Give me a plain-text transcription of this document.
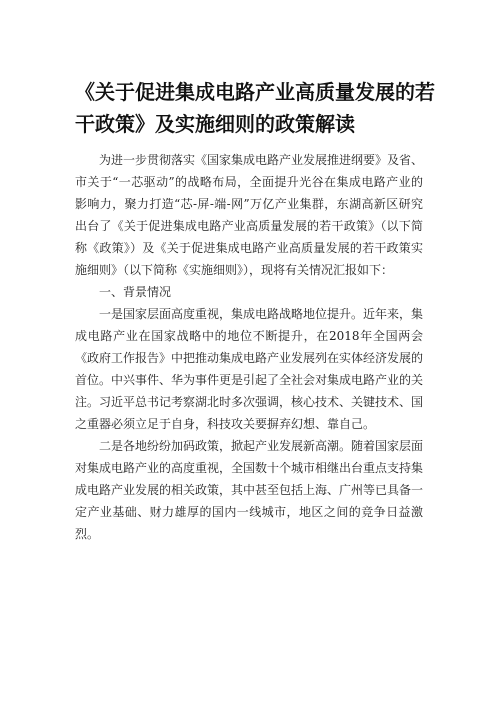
《关于促进集成电路产业高质量发展的若干政策》及实施细则的政策解读

为进一步贯彻落实《国家集成电路产业发展推进纲要》及省、市关于“一芯驱动”的战略布局，全面提升光谷在集成电路产业的影响力，聚力打造“芯-屏-端-网”万亿产业集群，东湖高新区研究出台了《关于促进集成电路产业高质量发展的若干政策》（以下简称《政策》）及《关于促进集成电路产业高质量发展的若干政策实施细则》（以下简称《实施细则》），现将有关情况汇报如下：

一、背景情况

一是国家层面高度重视，集成电路战略地位提升。近年来，集成电路产业在国家战略中的地位不断提升，在2018年全国两会《政府工作报告》中把推动集成电路产业发展列在实体经济发展的首位。中兴事件、华为事件更是引起了全社会对集成电路产业的关注。习近平总书记考察湖北时多次强调，核心技术、关键技术、国之重器必须立足于自身，科技攻关要摒弃幻想、靠自己。

二是各地纷纷加码政策，掀起产业发展新高潮。随着国家层面对集成电路产业的高度重视，全国数十个城市相继出台重点支持集成电路产业发展的相关政策，其中甚至包括上海、广州等已具备一定产业基础、财力雄厚的国内一线城市，地区之间的竞争日益激烈。
